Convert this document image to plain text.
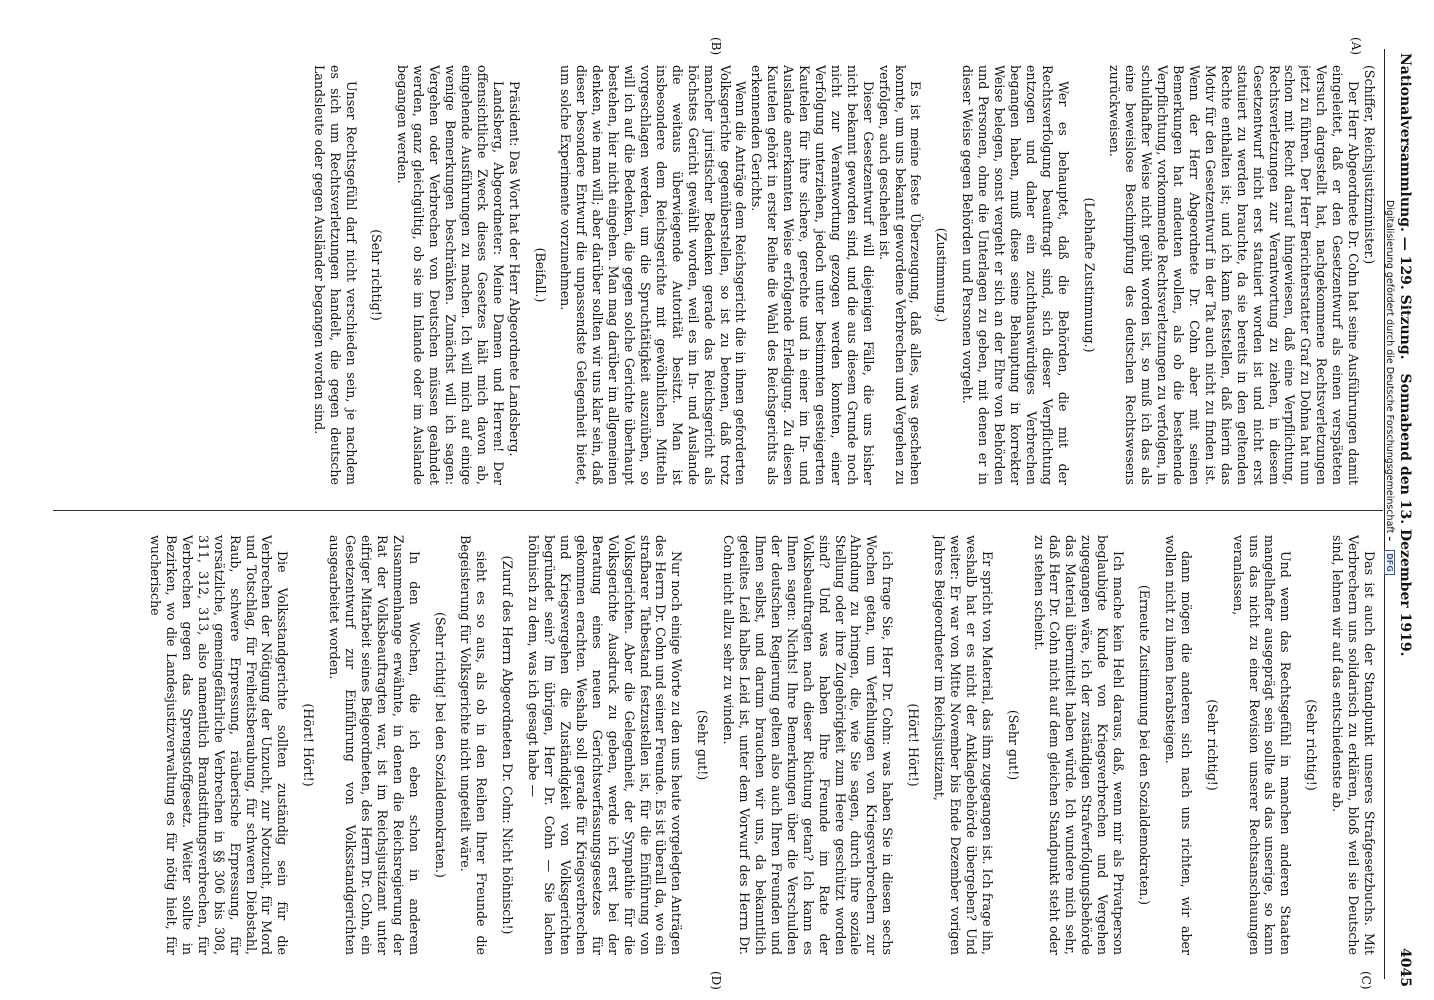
Nationalversammlung. — 129. Sitzung.
Sonnabend den 13. Dezember 1919.
4045
(A)
(B)
(C)
(D)

(Schiffer, Reichsjustizminister.)

Der Herr Abgeordnete Dr. Cohn hat seine Ausführungen damit eingeleitet, daß er den Gesetzentwurf als einen verspäteten Versuch dargestellt hat, nachgekommene Rechtsverletzungen jetzt zu führen. Der Herr Berichterstatter Graf zu Dohna hat nun schon mit Recht darauf hingewiesen, daß eine Verpflichtung, Rechtsverletzungen zur Verantwortung zu ziehen, in diesem Gesetzentwurf nicht erst statuiert worden ist und nicht erst statuiert zu werden brauchte, da sie bereits in den geltenden Rechte enthalten ist; und ich kann feststellen, daß hierin das Motiv für den Gesetzentwurf in der Tat auch nicht zu finden ist. Wenn der Herr Abgeordnete Dr. Cohn aber mit seinen Bemerkungen hat andeuten wollen, als ob die bestehende Verpflichtung, vorkommende Rechtsverletzungen zu verfolgen, in schuldhafter Weise nicht geübt worden ist, so muß ich das als eine beweislose Beschimpfung des deutschen Rechtswesens zurückweisen.

(Lebhafte Zustimmung.)

Wer es behauptet, daß die Behörden, die mit der Rechtsverfolgung beauftragt sind, sich dieser Verpflichtung entzogen und daher ein zuchthauswürdiges Verbrechen begangen haben, muß diese seine Behauptung in korrekter Weise belegen, sonst vergeht er sich an der Ehre von Behörden und Personen, ohne die Unterlagen zu geben, mit denen er in dieser Weise gegen Behörden und Personen vorgeht.

(Zustimmung.)

Es ist meine feste Überzeugung, daß alles, was geschehen konnte, um uns bekannt gewordene Verbrechen und Vergehen zu verfolgen, auch geschehen ist.

Dieser Gesetzentwurf will diejenigen Fälle, die uns bisher nicht bekannt geworden sind, und die aus diesem Grunde noch nicht zur Verantwortung gezogen werden konnten, einer Verfolgung unterziehen, jedoch unter bestimmten gesteigerten Kautelen für ihre sichere, gerechte und in einer im In- und Auslande anerkannten Weise erfolgende Erledigung. Zu diesen Kautelen gehört in erster Reihe die Wahl des Reichsgerichts als erkennenden Gerichts.

Wenn die Anträge dem Reichsgericht die in ihnen geforderten Volksgerichte gegenüberstellen, so ist zu betonen, daß trotz mancher juristischer Bedenken gerade das Reichsgericht als höchstes Gericht gewählt worden, weil es im In- und Auslande die weitaus überwiegende Autorität besitzt. Man ist insbesondere dem Reichsgerichte mit gewöhnlichen Mitteln vorgeschlagen werden, um die Spruchtätigkeit auszuüben, so will ich auf die Bedenken, die gegen solche Gerichte überhaupt bestehen, hier nicht eingehen. Man mag darüber im allgemeinen denken, wie man will; aber darüber sollten wir uns klar sein, daß dieser besondere Entwurf die unpassendste Gelegenheit bietet, um solche Experimente vorzunehmen.

(Beifall.)

Präsident: Das Wort hat der Herr Abgeordnete Landsberg.

Landsberg, Abgeordneter: Meine Damen und Herren! Der offensichtliche Zweck dieses Gesetzes hält mich davon ab, eingehende Ausführungen zu machen. Ich will mich auf einige wenige Bemerkungen beschränken. Zunächst will ich sagen: Vergehen oder Verbrechen von Deutschen müssen geahndet werden, ganz gleichgültig, ob sie im Inlande oder im Auslande begangen werden.

(Sehr richtig!)

Unser Rechtsgefühl darf nicht verschieden sein, je nachdem es sich um Rechtsverletzungen handelt, die gegen deutsche Landsleute oder gegen Ausländer begangen worden sind.

Das ist auch der Standpunkt unseres Strafgesetzbuchs. Mit Verbrechern uns solidarisch zu erklären, bloß weil sie Deutsche sind, lehnen wir auf das entschiedenste ab.

(Sehr richtig!)

Und wenn das Rechtsgefühl in manchen anderen Staaten mangelhafter ausgeprägt sein sollte als das unserige, so kann uns das nicht zu einer Revision unserer Rechtsanschauungen veranlassen,

(Sehr richtig!)

dann mögen die anderen sich nach uns richten, wir aber wollen nicht zu ihnen herabsteigen.

(Erneute Zustimmung bei den Sozialdemokraten.)

Ich mache kein Hehl daraus, daß, wenn mir als Privatperson beglaubigte Kunde von Kriegsverbrechen und Vergehen zugegangen wäre, ich der zuständigen Strafverfolgungsbehörde das Material übermittelt haben würde. Ich wundere mich sehr, daß Herr Dr. Cohn nicht auf dem gleichen Standpunkt steht oder zu stehen scheint.

(Sehr gut!)

Er spricht von Material, das ihm zugegangen ist. Ich frage ihn, weshalb hat er es nicht der Anklagebehörde übergeben? Und weiter: Er war von Mitte November bis Ende Dezember vorigen Jahres Beigeordneter im Reichsjustizamt,

(Hört! Hört!)

ich frage Sie, Herr Dr. Cohn: was haben Sie in diesen sechs Wochen getan, um Verfehlungen von Kriegsverbrechern zur Ahndung zu bringen, die, wie Sie sagen, durch ihre soziale Stellung oder ihre Zugehörigkeit zum Heere geschützt worden sind? Und was haben Ihre Freunde im Rate der Volksbeauftragten nach dieser Richtung getan? Ich kann es Ihnen sagen: Nichts! Ihre Bemerkungen über die Verschulden der deutschen Regierung gelten also auch Ihren Freunden und Ihnen selbst, und darum brauchen wir uns, da bekanntlich geteiltes Leid halbes Leid ist, unter dem Vorwurf des Herrn Dr. Cohn nicht allzu sehr zu winden.

(Sehr gut!)

Nur noch einige Worte zu den uns heute vorgelegten Anträgen des Herrn Dr. Cohn und seiner Freunde. Es ist überall da, wo ein strafbarer Tatbestand festzustellen ist, für die Einführung von Volksgerichten. Aber die Gelegenheit, der Sympathie für die Volksgerichte Ausdruck zu geben, werde ich erst bei der Beratung eines neuen Gerichtsverfassungsgesetzes für gekommen erachten. Weshalb soll gerade für Kriegsverbrechen und Kriegsvergehen die Zuständigkeit von Volksgerichten begründet sein? Im übrigen, Herr Dr. Cohn — Sie lachen höhnisch zu dem, was ich gesagt habe —

(Zuruf des Herrn Abgeordneten Dr. Cohn: Nicht höhnisch!)

sieht es so aus, als ob in den Reihen Ihrer Freunde die Begeisterung für Volksgerichte nicht ungeteilt wäre.

(Sehr richtig! bei den Sozialdemokraten.)

In den Wochen, die ich eben schon in anderem Zusammenhange erwähnte, in denen die Reichsregierung der Rat der Volksbeauftragten war, ist im Reichsjustizamt unter eifriger Mitarbeit seines Beigeordneten, des Herrn Dr. Cohn, ein Gesetzentwurf zur Einführung von Volksstandgerichten ausgearbeitet worden.

(Hört! Hört!)

Die Volksstandgerichte sollten zuständig sein für die Verbrechen der Nötigung der Unzucht, zur Notzucht, für Mord und Totschlag, für Freiheitsberaubung, für schweren Diebstahl, Raub, schwere Erpressung, räuberische Erpressung, für vorsätzliche, gemeingefährliche Verbrechen in §§ 306 bis 308, 311, 312, 313, also namentlich Brandstiftungsverbrechen, für Verbrechen gegen das Sprengstoffgesetz. Weiter sollte in Bezirken, wo die Landesjustizverwaltung es für nötig hielt, für wucherische

Digitalisierung gefördert durch die Deutsche Forschungsgemeinschaft – DFG
